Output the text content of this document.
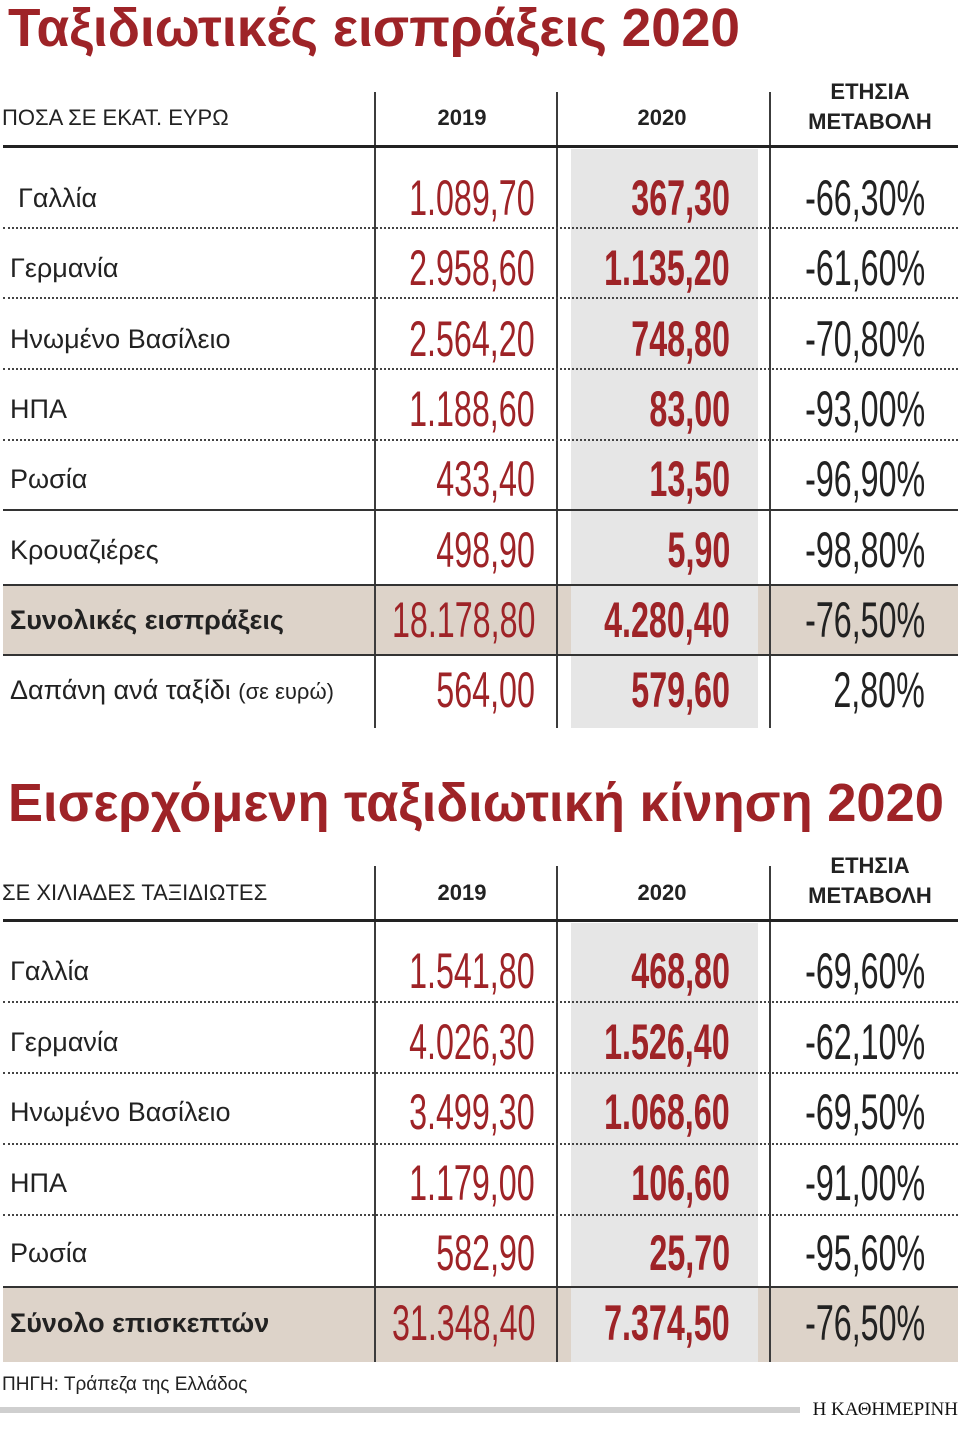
Ταξιδιωτικές εισπράξεις 2020
ΠΟΣΑ ΣΕ ΕΚΑΤ. ΕΥΡΩ	2019	2020
ΕΤΗΣΙΑ
ΜΕΤΑΒΟΛΗ
Γαλλία	1.089,70	367,30	-66,30%
Γερμανία	2.958,60	1.135,20	-61,60%
Ηνωμένο Βασίλειο	2.564,20	748,80	-70,80%
ΗΠΑ	1.188,60	83,00	-93,00%
Ρωσία	433,40	13,50	-96,90%
Κρουαζιέρες	498,90	5,90	-98,80%
Συνολικές εισπράξεις	18.178,80	4.280,40	-76,50%
Δαπάνη ανά ταξίδι (σε ευρώ)	564,00	579,60	2,80%
Εισερχόμενη ταξιδιωτική κίνηση 2020
ΣΕ ΧΙΛΙΑΔΕΣ ΤΑΞΙΔΙΩΤΕΣ	2019	2020
ΕΤΗΣΙΑ
ΜΕΤΑΒΟΛΗ
Γαλλία	1.541,80	468,80	-69,60%
Γερμανία	4.026,30	1.526,40	-62,10%
Ηνωμένο Βασίλειο	3.499,30	1.068,60	-69,50%
ΗΠΑ	1.179,00	106,60	-91,00%
Ρωσία	582,90	25,70	-95,60%
Σύνολο επισκεπτών	31.348,40	7.374,50	-76,50%
ΠΗΓΗ: Τράπεζα της Ελλάδος
Η ΚΑΘΗΜΕΡΙΝΗ
